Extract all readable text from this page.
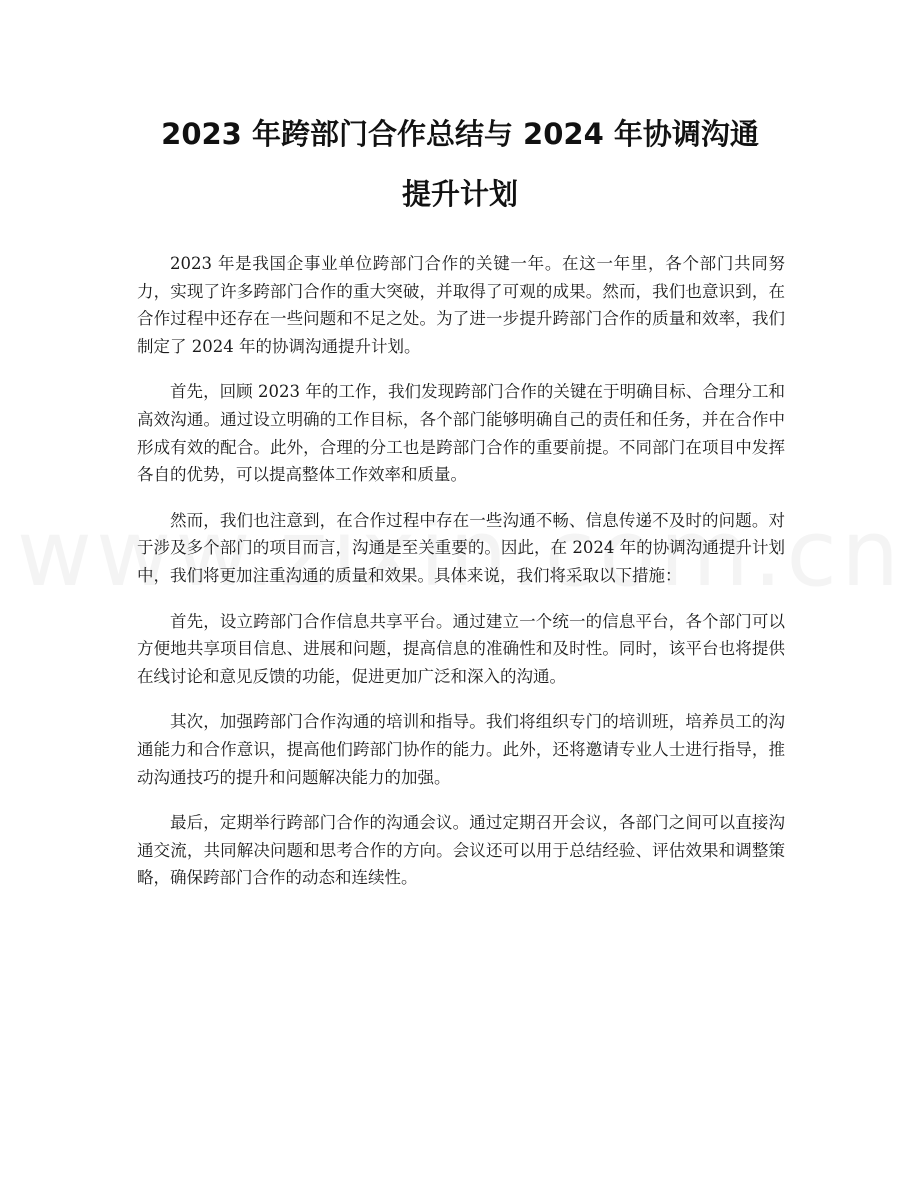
2023 年跨部门合作总结与 2024 年协调沟通
提升计划

2023 年是我国企事业单位跨部门合作的关键一年。在这一年里，各个部门共同努力，实现了许多跨部门合作的重大突破，并取得了可观的成果。然而，我们也意识到，在合作过程中还存在一些问题和不足之处。为了进一步提升跨部门合作的质量和效率，我们制定了 2024 年的协调沟通提升计划。

首先，回顾 2023 年的工作，我们发现跨部门合作的关键在于明确目标、合理分工和高效沟通。通过设立明确的工作目标，各个部门能够明确自己的责任和任务，并在合作中形成有效的配合。此外，合理的分工也是跨部门合作的重要前提。不同部门在项目中发挥各自的优势，可以提高整体工作效率和质量。

然而，我们也注意到，在合作过程中存在一些沟通不畅、信息传递不及时的问题。对于涉及多个部门的项目而言，沟通是至关重要的。因此，在 2024 年的协调沟通提升计划中，我们将更加注重沟通的质量和效果。具体来说，我们将采取以下措施：

首先，设立跨部门合作信息共享平台。通过建立一个统一的信息平台，各个部门可以方便地共享项目信息、进展和问题，提高信息的准确性和及时性。同时，该平台也将提供在线讨论和意见反馈的功能，促进更加广泛和深入的沟通。

其次，加强跨部门合作沟通的培训和指导。我们将组织专门的培训班，培养员工的沟通能力和合作意识，提高他们跨部门协作的能力。此外，还将邀请专业人士进行指导，推动沟通技巧的提升和问题解决能力的加强。

最后，定期举行跨部门合作的沟通会议。通过定期召开会议，各部门之间可以直接沟通交流，共同解决问题和思考合作的方向。会议还可以用于总结经验、评估效果和调整策略，确保跨部门合作的动态和连续性。
